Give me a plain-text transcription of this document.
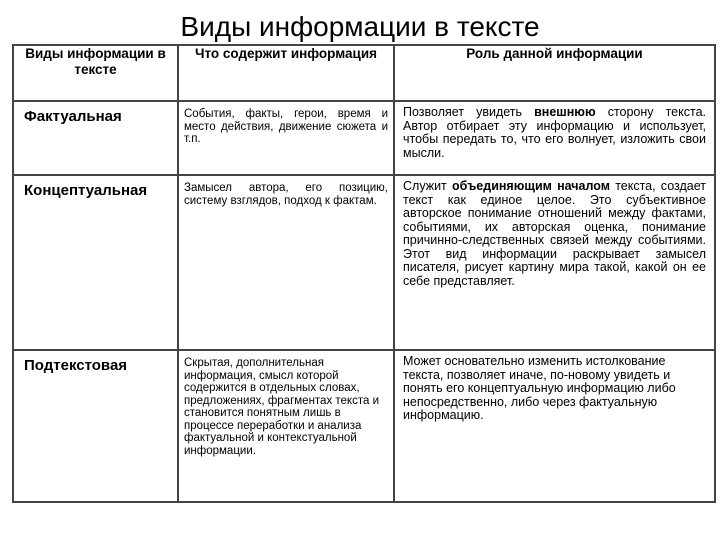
Виды информации в тексте
Виды информации в тексте	Что содержит информация	Роль данной информации
Фактуальная	События, факты, герои, время и место действия, движение сюжета и т.п.	Позволяет увидеть внешнюю сторону текста. Автор отбирает эту информацию и использует, чтобы передать то, что его волнует, изложить свои мысли.
Концептуальная	Замысел автора, его позицию, систему взглядов, подход к фактам.	Служит объединяющим началом текста, создает текст как единое целое. Это субъективное авторское понимание отношений между фактами, событиями, их авторская оценка, понимание причинно-следственных связей между событиями. Этот вид информации раскрывает замысел писателя, рисует картину мира такой, какой он ее себе представляет.
Подтекстовая	Скрытая, дополнительная информация, смысл которой содержится в отдельных словах, предложениях, фрагментах текста и становится понятным лишь в процессе переработки и анализа фактуальной и контекстуальной информации.	Может основательно изменить истолкование текста, позволяет иначе, по-новому увидеть и понять его концептуальную информацию либо непосредственно, либо через фактуальную информацию.
